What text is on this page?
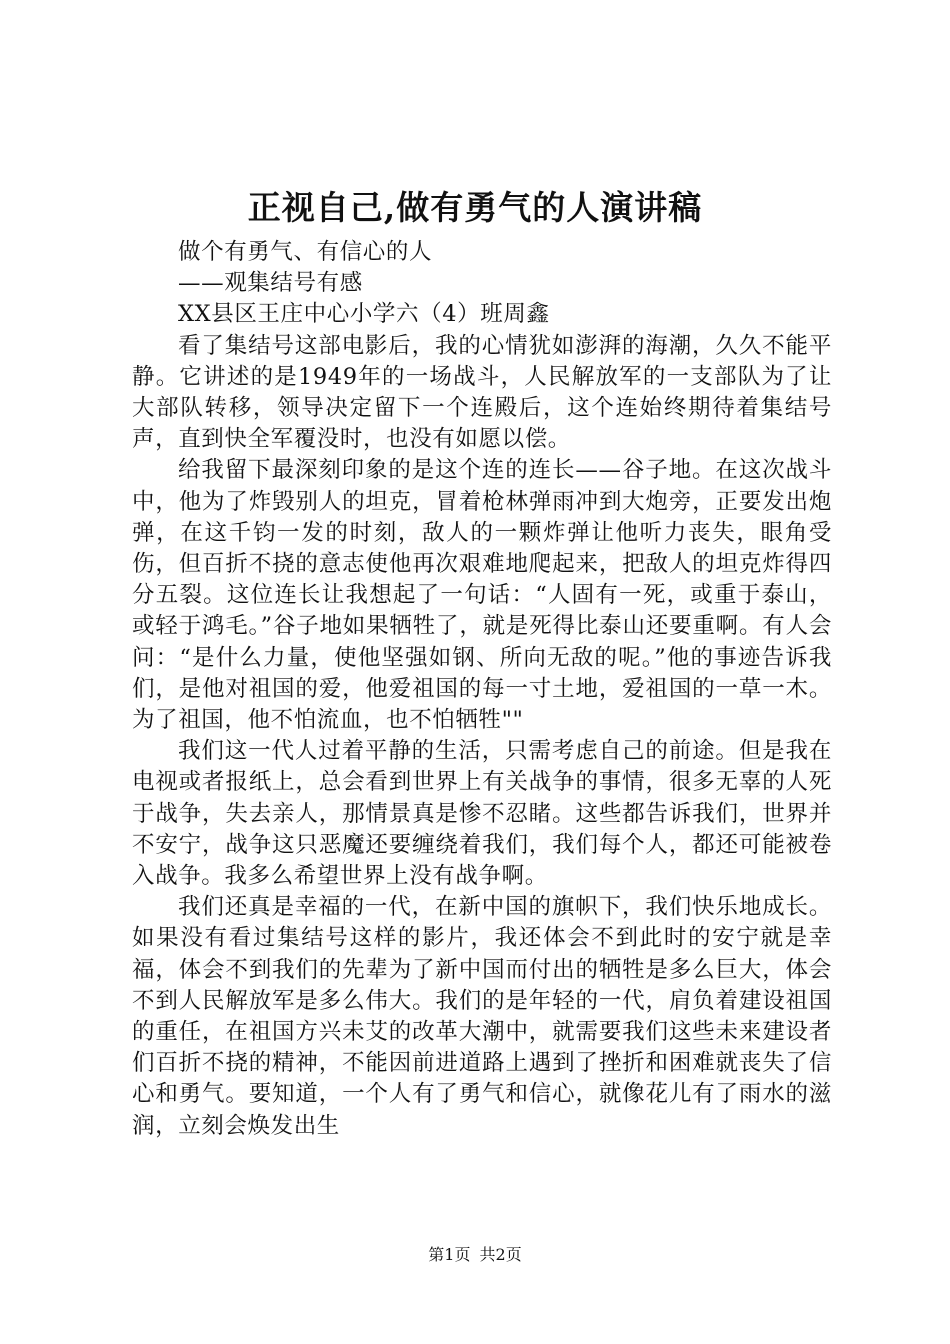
正视自己,做有勇气的人演讲稿

做个有勇气、有信心的人

——观集结号有感

XX县区王庄中心小学六（4）班周鑫

看了集结号这部电影后，我的心情犹如澎湃的海潮，久久不能平静。它讲述的是1949年的一场战斗，人民解放军的一支部队为了让大部队转移，领导决定留下一个连殿后，这个连始终期待着集结号声，直到快全军覆没时，也没有如愿以偿。

给我留下最深刻印象的是这个连的连长——谷子地。在这次战斗中，他为了炸毁别人的坦克，冒着枪林弹雨冲到大炮旁，正要发出炮弹，在这千钧一发的时刻，敌人的一颗炸弹让他听力丧失，眼角受伤，但百折不挠的意志使他再次艰难地爬起来，把敌人的坦克炸得四分五裂。这位连长让我想起了一句话：“人固有一死，或重于泰山，或轻于鸿毛。”谷子地如果牺牲了，就是死得比泰山还要重啊。有人会问：“是什么力量，使他坚强如钢、所向无敌的呢。”他的事迹告诉我们，是他对祖国的爱，他爱祖国的每一寸土地，爱祖国的一草一木。为了祖国，他不怕流血，也不怕牺牲""

我们这一代人过着平静的生活，只需考虑自己的前途。但是我在电视或者报纸上，总会看到世界上有关战争的事情，很多无辜的人死于战争，失去亲人，那情景真是惨不忍睹。这些都告诉我们，世界并不安宁，战争这只恶魔还要缠绕着我们，我们每个人，都还可能被卷入战争。我多么希望世界上没有战争啊。

我们还真是幸福的一代，在新中国的旗帜下，我们快乐地成长。如果没有看过集结号这样的影片，我还体会不到此时的安宁就是幸福，体会不到我们的先辈为了新中国而付出的牺牲是多么巨大，体会不到人民解放军是多么伟大。我们的是年轻的一代，肩负着建设祖国的重任，在祖国方兴未艾的改革大潮中，就需要我们这些未来建设者们百折不挠的精神，不能因前进道路上遇到了挫折和困难就丧失了信心和勇气。要知道，一个人有了勇气和信心，就像花儿有了雨水的滋润，立刻会焕发出生

第1页 共2页
